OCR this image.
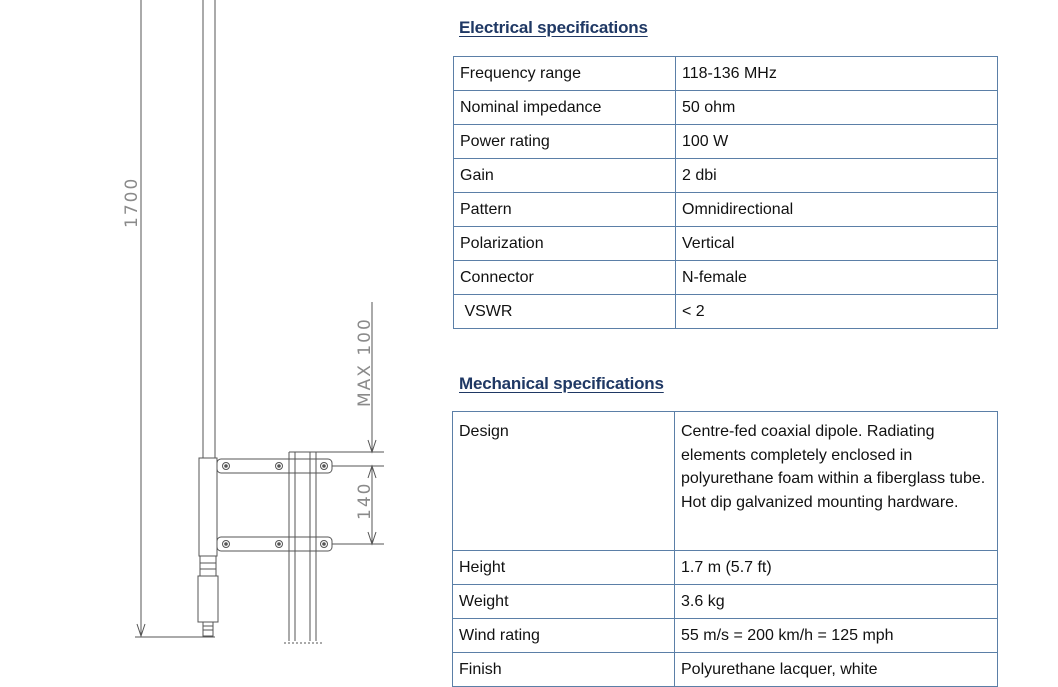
1700
MAX 100
140
Electrical specifications
Frequency range	118-136 MHz
Nominal impedance	50 ohm
Power rating	100 W
Gain	2 dbi
Pattern	Omnidirectional
Polarization	Vertical
Connector	N-female
VSWR	< 2
Mechanical specifications
Design	Centre-fed coaxial dipole. Radiating elements completely enclosed in polyurethane foam within a fiberglass tube. Hot dip galvanized mounting hardware.
Height	1.7 m (5.7 ft)
Weight	3.6 kg
Wind rating	55 m/s = 200 km/h = 125 mph
Finish	Polyurethane lacquer, white
